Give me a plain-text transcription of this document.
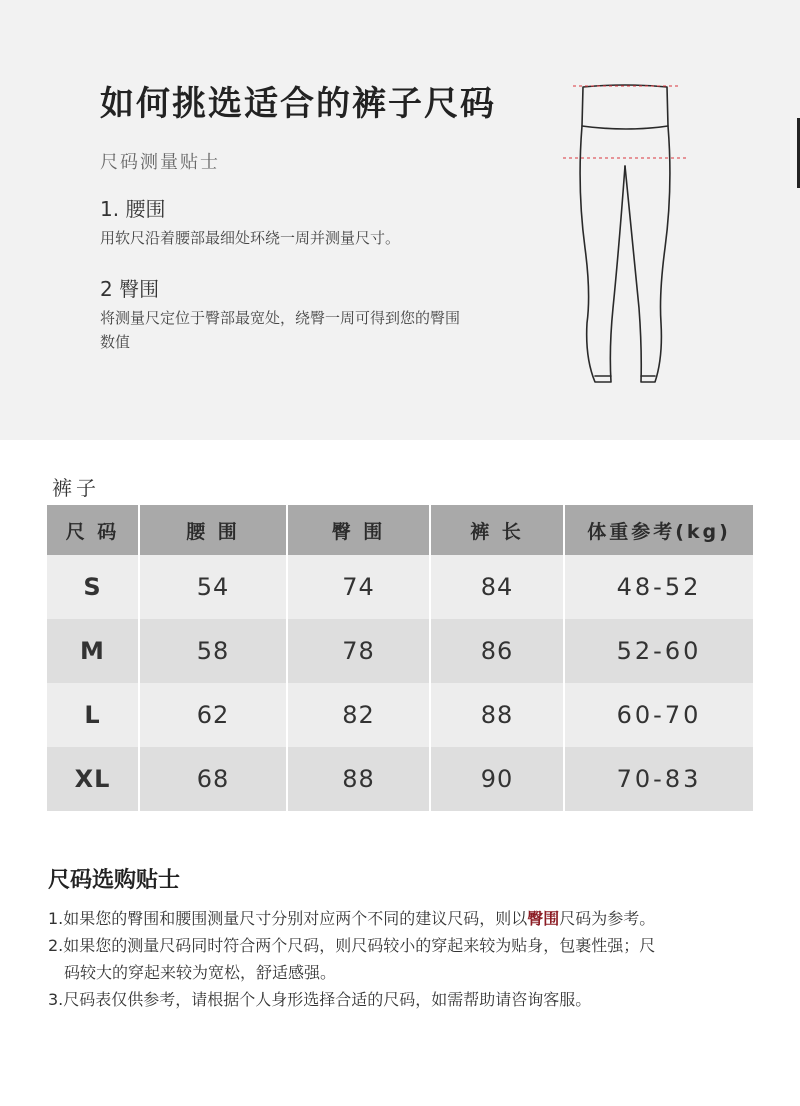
如何挑选适合的裤子尺码
尺码测量贴士
1. 腰围
用软尺沿着腰部最细处环绕一周并测量尺寸。
2 臀围
将测量尺定位于臀部最宽处，绕臀一周可得到您的臀围数值
裤子
尺 码	腰 围	臀 围	裤 长	体重参考(kg)
S	54	74	84	48-52
M	58	78	86	52-60
L	62	82	88	60-70
XL	68	88	90	70-83
尺码选购贴士
1.如果您的臀围和腰围测量尺寸分别对应两个不同的建议尺码，则以臀围尺码为参考。
2.如果您的测量尺码同时符合两个尺码，则尺码较小的穿起来较为贴身，包裹性强；尺
码较大的穿起来较为宽松，舒适感强。
3.尺码表仅供参考，请根据个人身形选择合适的尺码，如需帮助请咨询客服。
